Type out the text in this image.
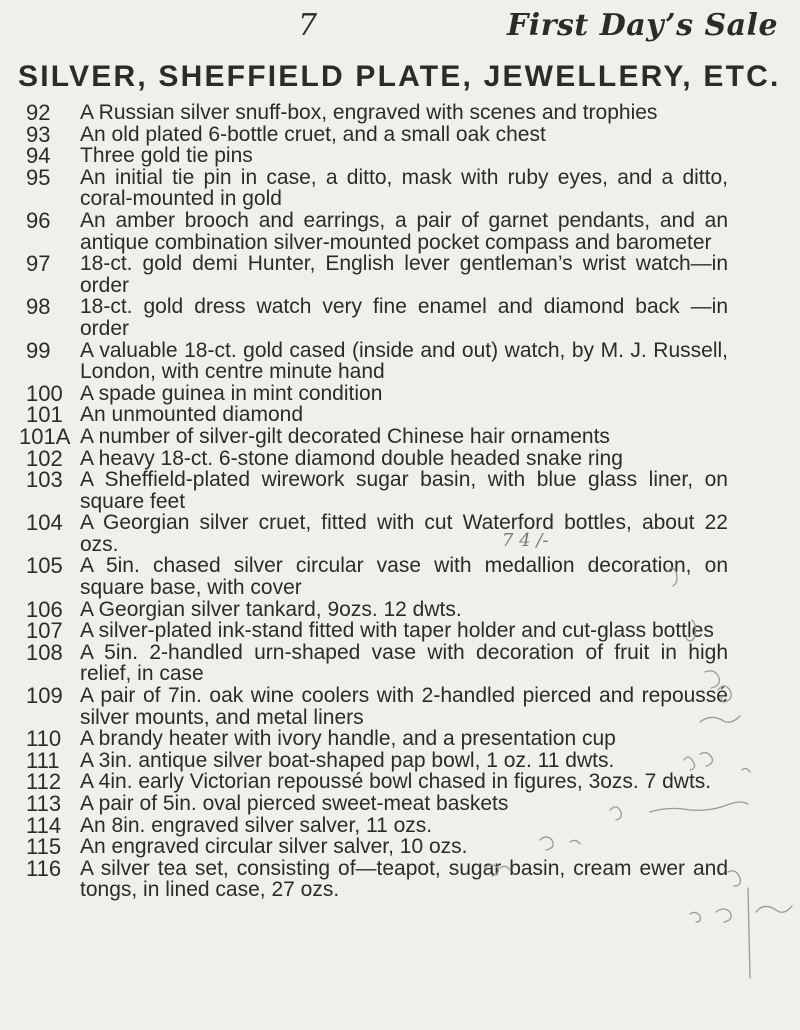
7	First Day’s Sale
SILVER, SHEFFIELD PLATE, JEWELLERY, ETC.
92	A Russian silver snuff-box, engraved with scenes and trophies
93	An old plated 6-bottle cruet, and a small oak chest
94	Three gold tie pins
95	An initial tie pin in case, a ditto, mask with ruby eyes, and a ditto, coral-mounted in gold
96	An amber brooch and earrings, a pair of garnet pendants, and an antique combination silver-mounted pocket compass and barometer
97	18-ct. gold demi Hunter, English lever gentleman’s wrist watch—in order
98	18-ct. gold dress watch very fine enamel and diamond back —in order
99	A valuable 18-ct. gold cased (inside and out) watch, by M. J. Russell, London, with centre minute hand
100 A spade guinea in mint condition
101 An unmounted diamond
101A A number of silver-gilt decorated Chinese hair ornaments
102 A heavy 18-ct. 6-stone diamond double headed snake ring
103 A Sheffield-plated wirework sugar basin, with blue glass liner, on square feet
104 A Georgian silver cruet, fitted with cut Waterford bottles, about 22 ozs.
105 A 5in. chased silver circular vase with medallion decoration, on square base, with cover
106 A Georgian silver tankard, 9ozs. 12 dwts.
107 A silver-plated ink-stand fitted with taper holder and cut-glass bottles
108 A 5in. 2-handled urn-shaped vase with decoration of fruit in high relief, in case
109 A pair of 7in. oak wine coolers with 2-handled pierced and repoussé silver mounts, and metal liners
110 A brandy heater with ivory handle, and a presentation cup
111 A 3in. antique silver boat-shaped pap bowl, 1 oz. 11 dwts.
112 A 4in. early Victorian repoussé bowl chased in figures, 3ozs. 7 dwts.
113 A pair of 5in. oval pierced sweet-meat baskets
114 An 8in. engraved silver salver, 11 ozs.
115 An engraved circular silver salver, 10 ozs.
116 A silver tea set, consisting of—teapot, sugar basin, cream ewer and tongs, in lined case, 27 ozs.
7 4 /-
